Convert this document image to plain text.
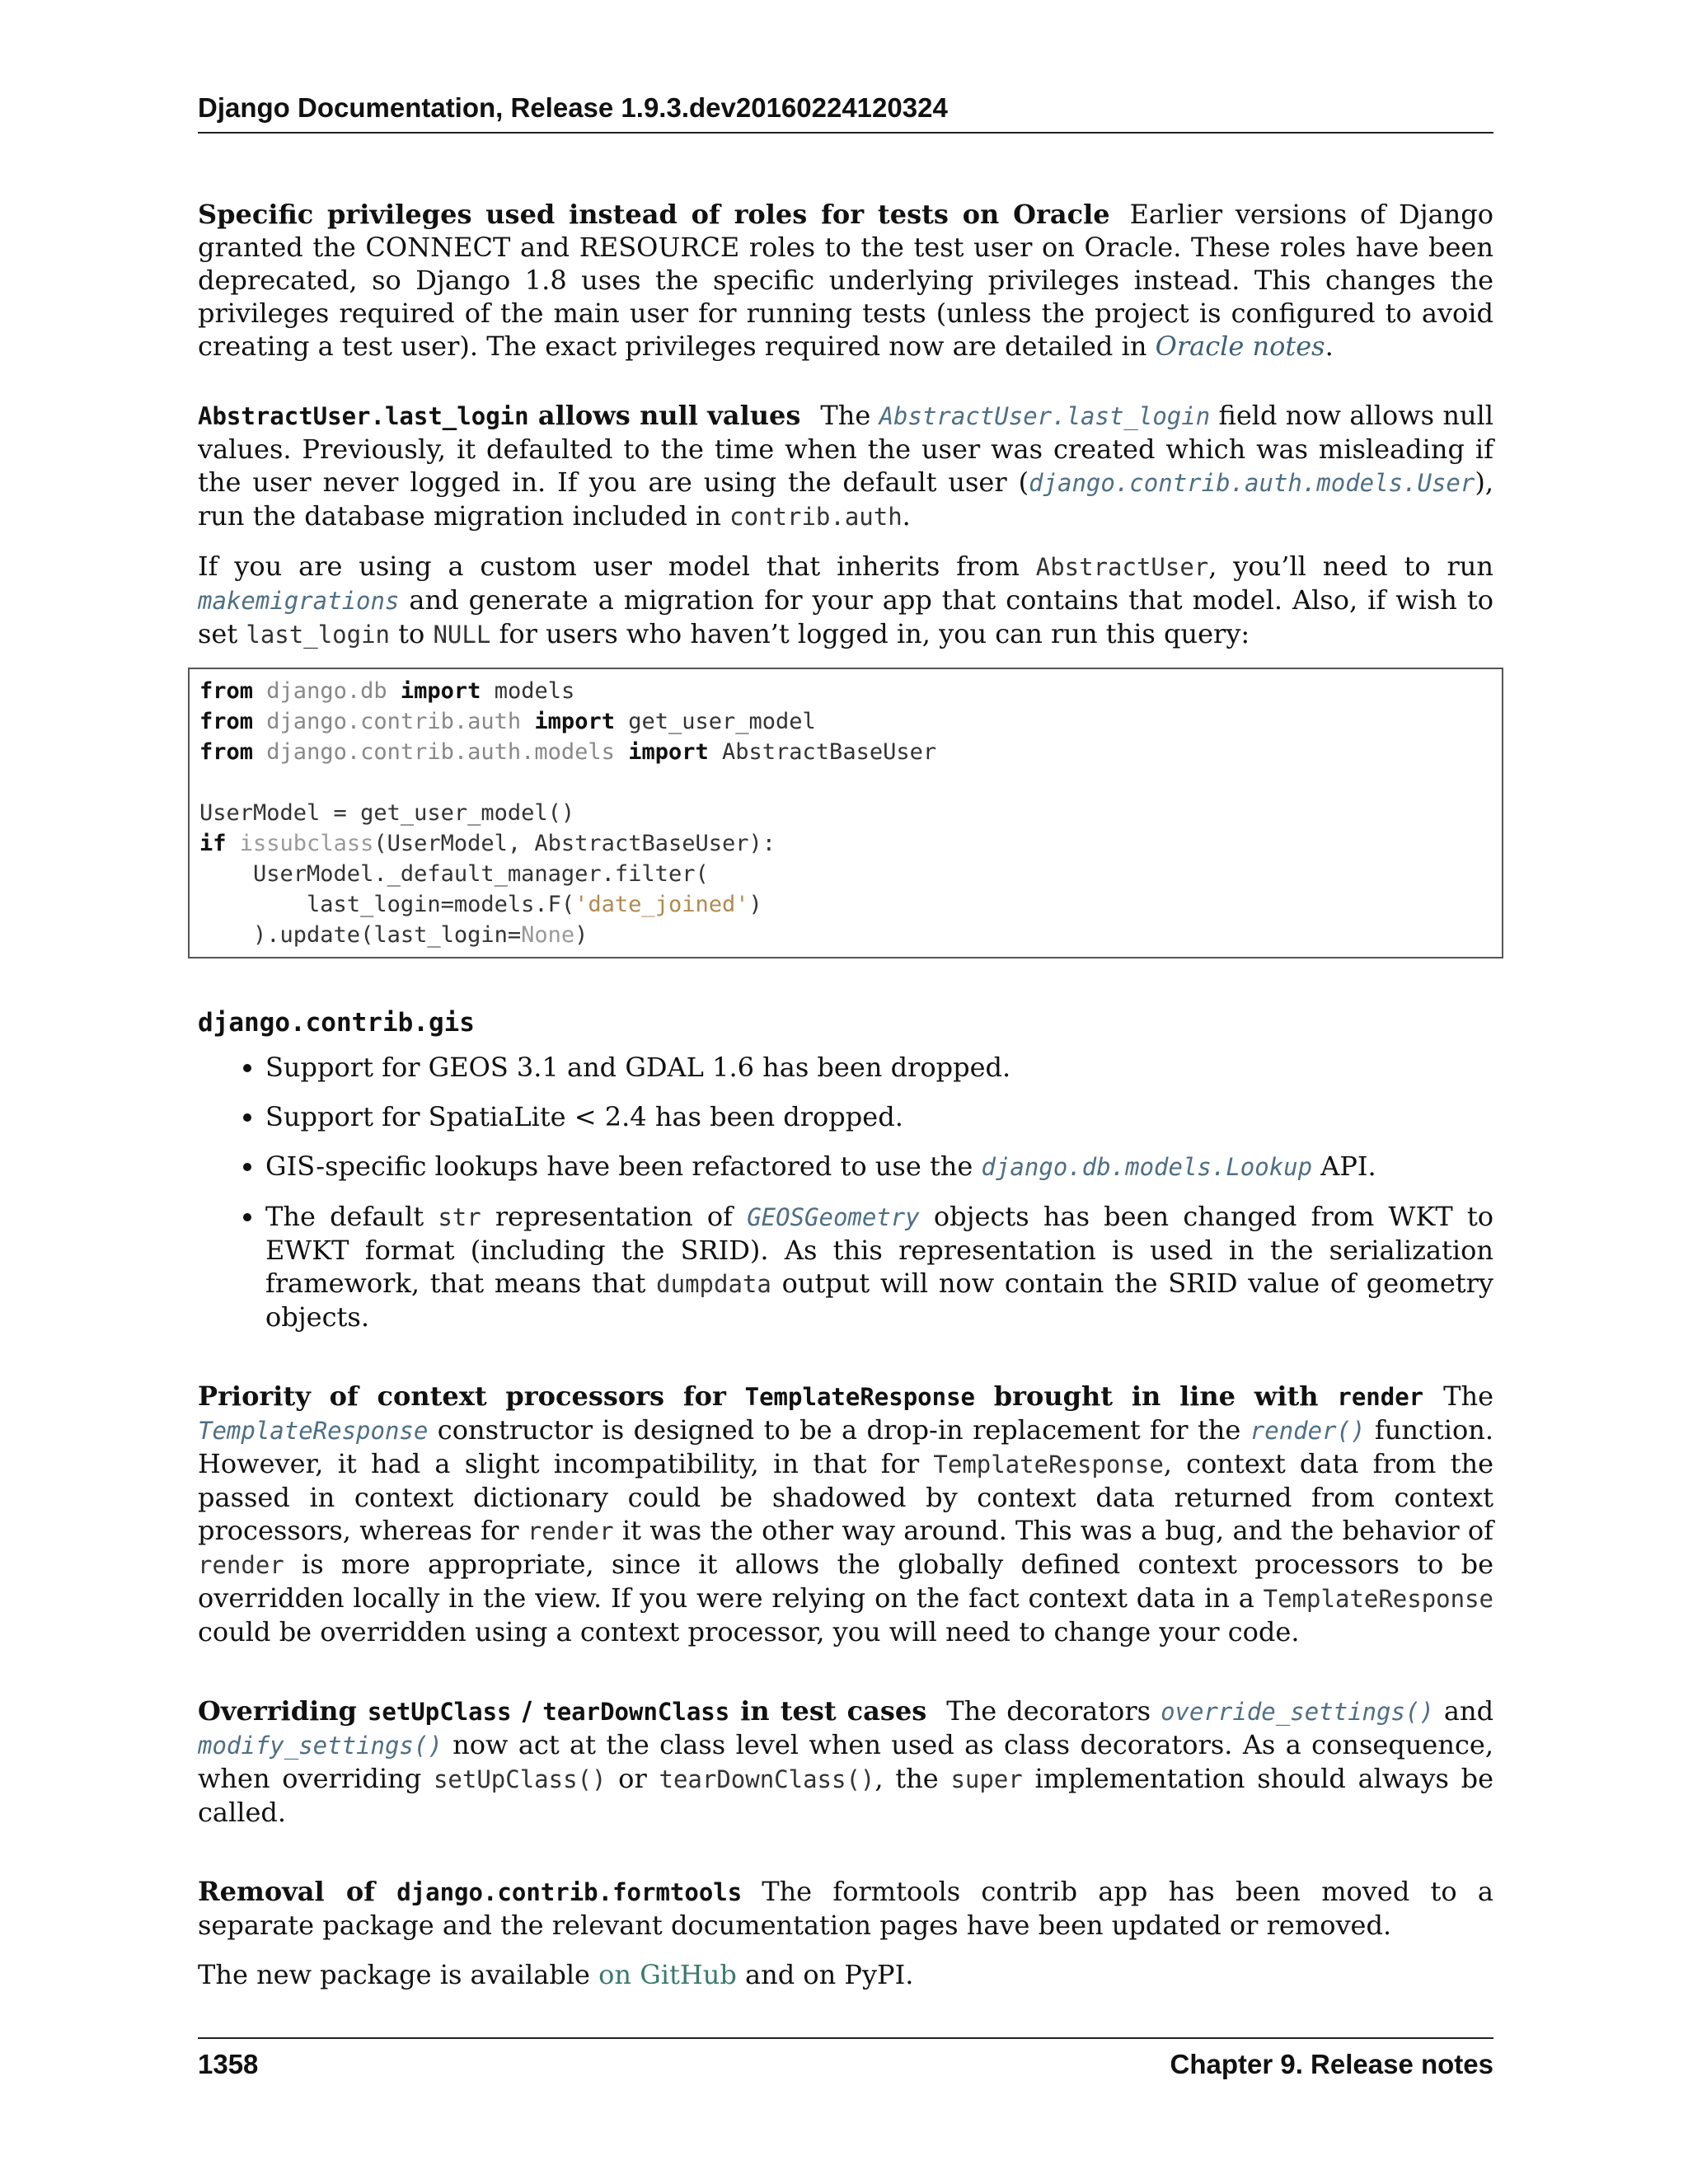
Django Documentation, Release 1.9.3.dev20160224120324

Specific privileges used instead of roles for tests on Oracle Earlier versions of Django granted the CONNECT and RESOURCE roles to the test user on Oracle. These roles have been deprecated, so Django 1.8 uses the specific underlying privileges instead. This changes the privileges required of the main user for running tests (unless the project is configured to avoid creating a test user). The exact privileges required now are detailed in Oracle notes.

AbstractUser.last_login allows null values The AbstractUser.last_login field now allows null values. Previously, it defaulted to the time when the user was created which was misleading if the user never logged in. If you are using the default user (django.contrib.auth.models.User), run the database migration included in contrib.auth.

If you are using a custom user model that inherits from AbstractUser, you’ll need to run makemigrations and generate a migration for your app that contains that model. Also, if wish to set last_login to NULL for users who haven’t logged in, you can run this query:

from django.db import models
from django.contrib.auth import get_user_model
from django.contrib.auth.models import AbstractBaseUser

UserModel = get_user_model()
if issubclass(UserModel, AbstractBaseUser):
UserModel._default_manager.filter(
last_login=models.F('date_joined')
).update(last_login=None)
django.contrib.gis
• Support for GEOS 3.1 and GDAL 1.6 has been dropped.
• Support for SpatiaLite < 2.4 has been dropped.
• GIS-specific lookups have been refactored to use the django.db.models.Lookup API.
• The default str representation of GEOSGeometry objects has been changed from WKT to EWKT format (including the SRID). As this representation is used in the serialization framework, that means that dumpdata output will now contain the SRID value of geometry objects.

Priority of context processors for TemplateResponse brought in line with render The TemplateResponse constructor is designed to be a drop-in replacement for the render() function. However, it had a slight incompatibility, in that for TemplateResponse, context data from the passed in context dictionary could be shadowed by context data returned from context processors, whereas for render it was the other way around. This was a bug, and the behavior of render is more appropriate, since it allows the globally defined context processors to be overridden locally in the view. If you were relying on the fact context data in a TemplateResponse could be overridden using a context processor, you will need to change your code.

Overriding setUpClass / tearDownClass in test cases The decorators override_settings() and modify_settings() now act at the class level when used as class decorators. As a consequence, when overriding setUpClass() or tearDownClass(), the super implementation should always be called.

Removal of django.contrib.formtools The formtools contrib app has been moved to a separate package and the relevant documentation pages have been updated or removed.

The new package is available on GitHub and on PyPI.

1358	Chapter 9. Release notes
